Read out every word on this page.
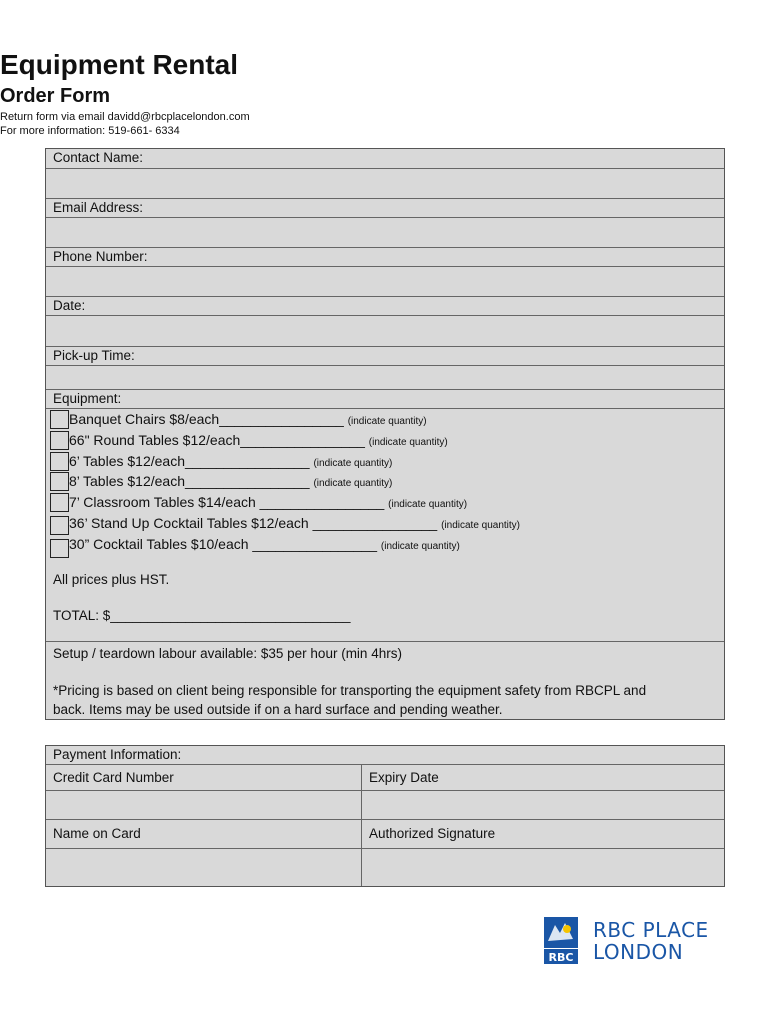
Equipment Rental
Order Form
Return form via email davidd@rbcplacelondon.com
For more information: 519-661- 6334
Contact Name:
Email Address:
Phone Number:
Date:
Pick-up Time:
Equipment:
Banquet Chairs $8/each________________ (indicate quantity)
66" Round Tables $12/each________________ (indicate quantity)
6’ Tables $12/each________________ (indicate quantity)
8’ Tables $12/each________________ (indicate quantity)
7’ Classroom Tables $14/each ________________ (indicate quantity)
36’ Stand Up Cocktail Tables $12/each ________________ (indicate quantity)
30” Cocktail Tables $10/each ________________ (indicate quantity)
All prices plus HST.
TOTAL: $________________________________
Setup / teardown labour available: $35 per hour (min 4hrs)
*Pricing is based on client being responsible for transporting the equipment safety from RBCPL and
back. Items may be used outside if on a hard surface and pending weather.
Payment Information:
Credit Card Number	Expiry Date
Name on Card	Authorized Signature
RBC
RBC PLACE
LONDON
